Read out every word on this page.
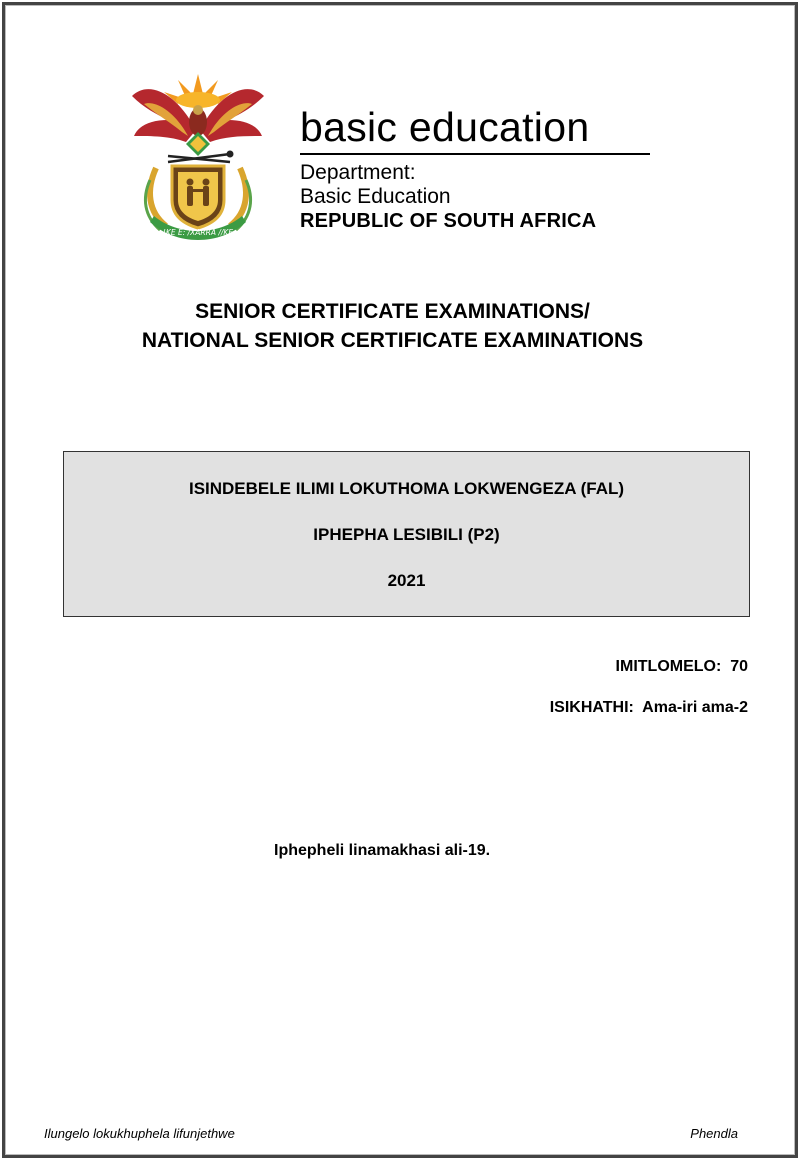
!KE E: /XARRA //KE
basic education
Department:
Basic Education
REPUBLIC OF SOUTH AFRICA
SENIOR CERTIFICATE EXAMINATIONS/
NATIONAL SENIOR CERTIFICATE EXAMINATIONS
ISINDEBELE ILIMI LOKUTHOMA LOKWENGEZA (FAL)
IPHEPHA LESIBILI (P2)
2021
IMITLOMELO:  70
ISIKHATHI:  Ama-iri ama-2
Iphepheli linamakhasi ali-19.
Ilungelo lokukhuphela lifunjethwe	Phendla
